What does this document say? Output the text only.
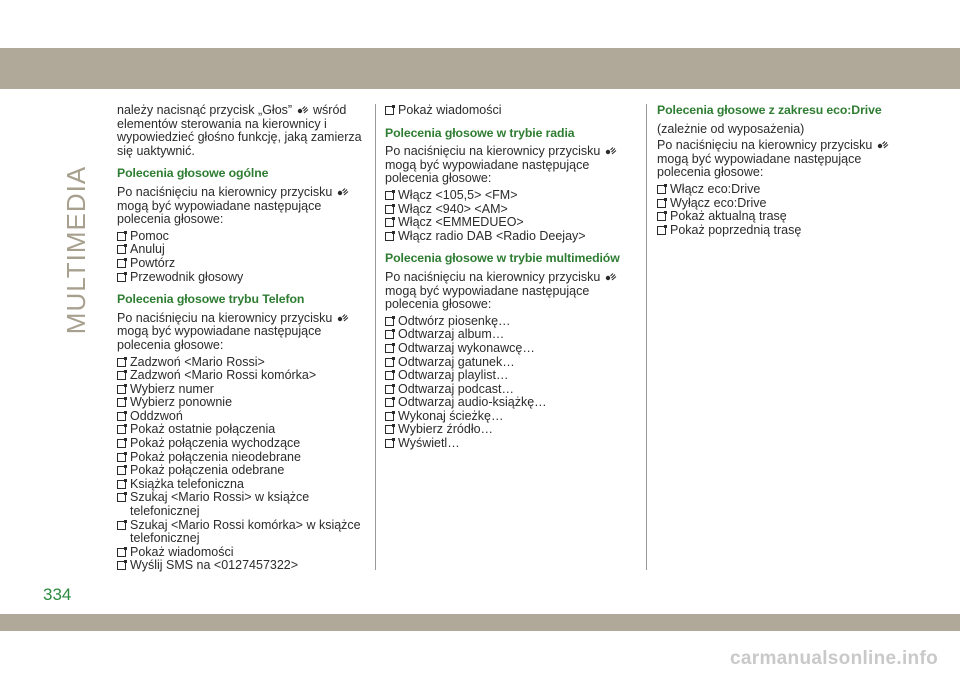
MULTIMEDIA
334
carmanualsonline.info

należy nacisnąć przycisk „Głos” wśród elementów sterowania na kierownicy i wypowiedzieć głośno funkcję, jaką zamierza się uaktywnić.

Polecenia głosowe ogólne

Po naciśnięciu na kierownicy przycisku  mogą być wypowiadane następujące polecenia głosowe:

Pomoc
Anuluj
Powtórz
Przewodnik głosowy
Polecenia głosowe trybu Telefon

Po naciśnięciu na kierownicy przycisku  mogą być wypowiadane następujące polecenia głosowe:

Zadzwoń <Mario Rossi>
Zadzwoń <Mario Rossi komórka>
Wybierz numer
Wybierz ponownie
Oddzwoń
Pokaż ostatnie połączenia
Pokaż połączenia wychodzące
Pokaż połączenia nieodebrane
Pokaż połączenia odebrane
Książka telefoniczna
Szukaj <Mario Rossi> w książce telefonicznej
Szukaj <Mario Rossi komórka> w książce telefonicznej
Pokaż wiadomości
Wyślij SMS na <0127457322>
Pokaż wiadomości
Polecenia głosowe w trybie radia

Po naciśnięciu na kierownicy przycisku  mogą być wypowiadane następujące polecenia głosowe:

Włącz <105,5> <FM>
Włącz <940> <AM>
Włącz <EMMEDUEO>
Włącz radio DAB <Radio Deejay>
Polecenia głosowe w trybie multimediów

Po naciśnięciu na kierownicy przycisku  mogą być wypowiadane następujące polecenia głosowe:

Odtwórz piosenkę…
Odtwarzaj album…
Odtwarzaj wykonawcę…
Odtwarzaj gatunek…
Odtwarzaj playlist…
Odtwarzaj podcast…
Odtwarzaj audio-książkę…
Wykonaj ścieżkę…
Wybierz źródło…
Wyświetl…
Polecenia głosowe z zakresu eco:Drive

(zależnie od wyposażenia)

Po naciśnięciu na kierownicy przycisku  mogą być wypowiadane następujące polecenia głosowe:

Włącz eco:Drive
Wyłącz eco:Drive
Pokaż aktualną trasę
Pokaż poprzednią trasę
